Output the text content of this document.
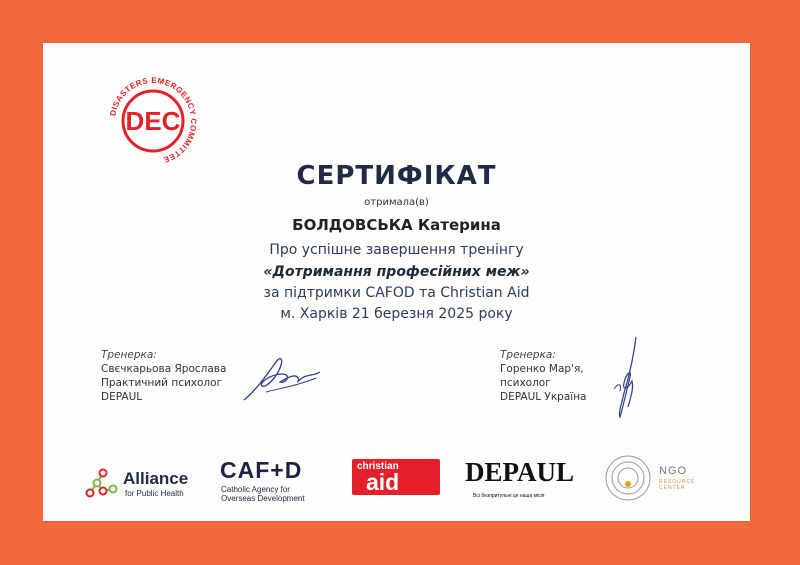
DISASTERS EMERGENCY COMMITTEE
DEC
СЕРТИФІКАТ
отримала(в)
БОЛДОВСЬКА Катерина
Про успішне завершення тренінгу
«Дотримання професійних меж»
за підтримки CAFOD та Christian Aid
м. Харків 21 березня 2025 року
Тренерка:
Свєчкарьова Ярослава
Практичний психолог
DEPAUL
Тренерка:
Горенко Мар'я,
психолог
DEPAUL Україна
Alliance
for Public Health
CAF+D
Catholic Agency for
Overseas Development
christian
aid DEPAUL
Всі безпритульні це наша місія
NGO
RESOURCE
CENTER
